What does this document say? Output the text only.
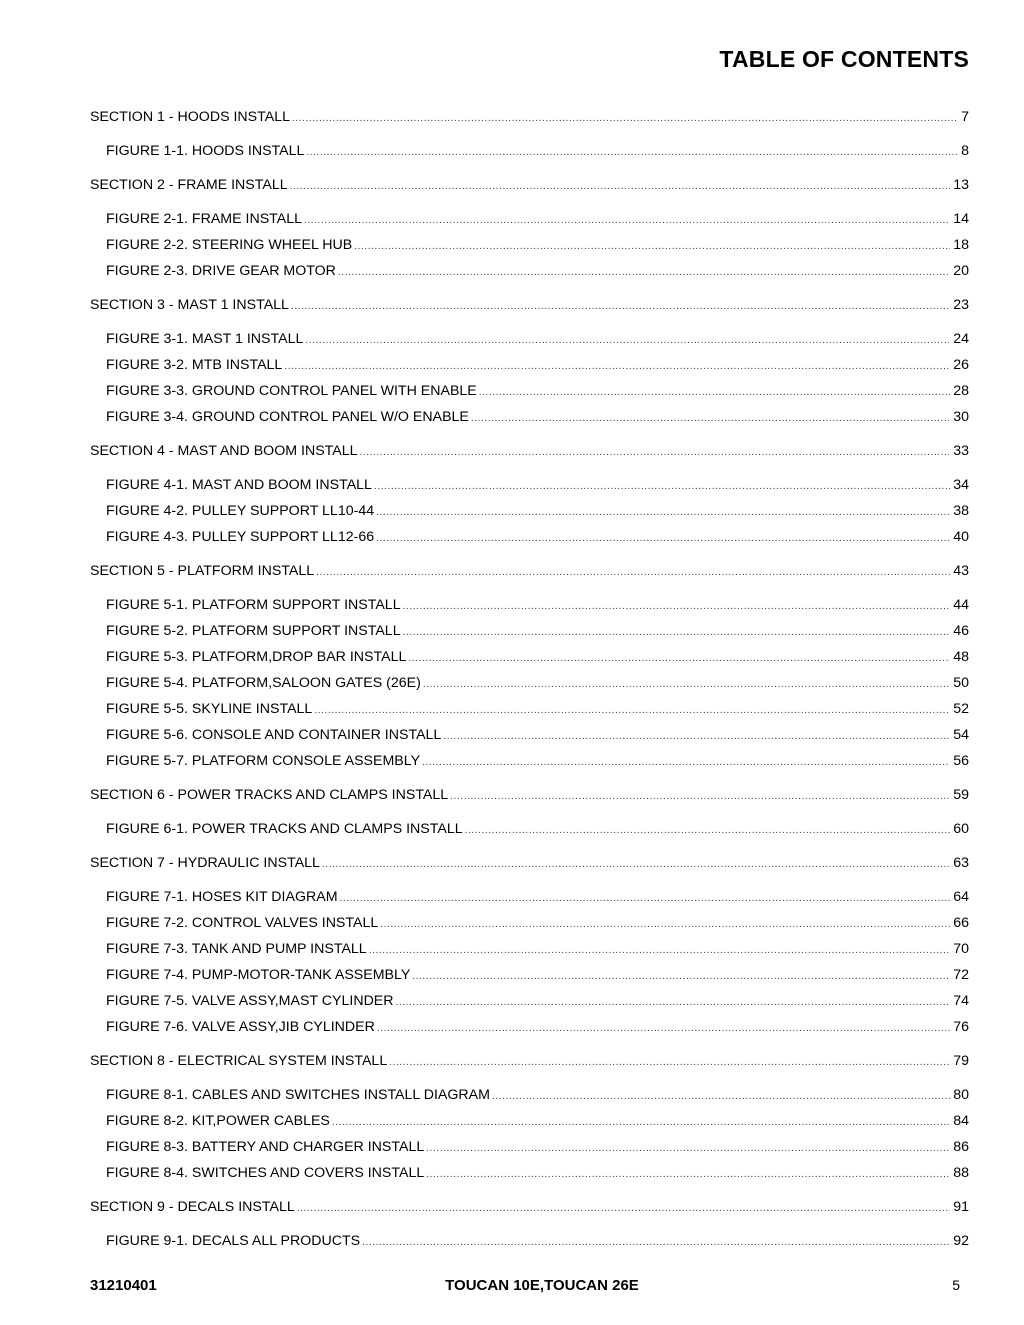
TABLE OF CONTENTS
SECTION 1 - HOODS INSTALL .....	7
FIGURE 1-1. HOODS INSTALL .....	8
SECTION 2 - FRAME INSTALL .....	13
FIGURE 2-1. FRAME INSTALL .....	14
FIGURE 2-2. STEERING WHEEL HUB .....	18
FIGURE 2-3. DRIVE GEAR MOTOR .....	20
SECTION 3 - MAST 1 INSTALL .....	23
FIGURE 3-1. MAST 1 INSTALL .....	24
FIGURE 3-2. MTB INSTALL .....	26
FIGURE 3-3. GROUND CONTROL PANEL WITH ENABLE .....	28
FIGURE 3-4. GROUND CONTROL PANEL W/O ENABLE .....	30
SECTION 4 - MAST AND BOOM INSTALL .....	33
FIGURE 4-1. MAST AND BOOM INSTALL .....	34
FIGURE 4-2. PULLEY SUPPORT LL10-44 .....	38
FIGURE 4-3. PULLEY SUPPORT LL12-66 .....	40
SECTION 5 - PLATFORM INSTALL .....	43
FIGURE 5-1. PLATFORM SUPPORT INSTALL .....	44
FIGURE 5-2. PLATFORM SUPPORT INSTALL .....	46
FIGURE 5-3. PLATFORM,DROP BAR INSTALL .....	48
FIGURE 5-4. PLATFORM,SALOON GATES (26E) .....	50
FIGURE 5-5. SKYLINE INSTALL .....	52
FIGURE 5-6. CONSOLE AND CONTAINER INSTALL .....	54
FIGURE 5-7. PLATFORM CONSOLE ASSEMBLY .....	56
SECTION 6 - POWER TRACKS AND CLAMPS INSTALL .....	59
FIGURE 6-1. POWER TRACKS AND CLAMPS INSTALL .....	60
SECTION 7 - HYDRAULIC INSTALL .....	63
FIGURE 7-1. HOSES KIT DIAGRAM .....	64
FIGURE 7-2. CONTROL VALVES INSTALL .....	66
FIGURE 7-3. TANK AND PUMP INSTALL .....	70
FIGURE 7-4. PUMP-MOTOR-TANK ASSEMBLY .....	72
FIGURE 7-5. VALVE ASSY,MAST CYLINDER .....	74
FIGURE 7-6. VALVE ASSY,JIB CYLINDER .....	76
SECTION 8 - ELECTRICAL SYSTEM INSTALL .....	79
FIGURE 8-1. CABLES AND SWITCHES INSTALL DIAGRAM .....	80
FIGURE 8-2. KIT,POWER CABLES .....	84
FIGURE 8-3. BATTERY AND CHARGER INSTALL .....	86
FIGURE 8-4. SWITCHES AND COVERS INSTALL .....	88
SECTION 9 - DECALS INSTALL .....	91
FIGURE 9-1. DECALS ALL PRODUCTS .....	92
31210401	TOUCAN 10E,TOUCAN 26E	5
